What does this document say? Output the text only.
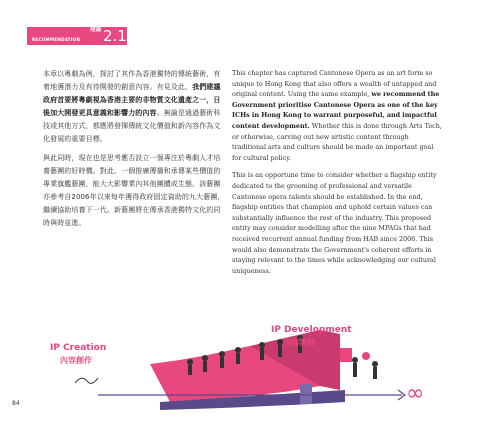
建議
RECOMMENDATION 2.1

本章以粵劇為例，探討了其作為香港獨特的傳統藝術，有着地獲潛力及有待開發的創意內容。有見及此，我們建議政府首要將粵劇視為香港主要的非物質文化遺產之一，日後加大開發更具意義和影響力的內容。無論是通過藝術科技或其他方式，都應將發揮傳統文化價值和新內容作為文化發展的重要目標。

與此同時，現在也是思考應否設立一個專注於粵劇人才培養藝團的好時機。對此，一個推廣傳播和承傳某些價值的專業旗艦藝團，能大大影響業內其他團體或生態。該藝團亦參考自2006年以來每年獲得政府固定資助的九大藝團，繼續協助培養下一代。新藝團將在傳承香港獨特文化的同時與時並進。

This chapter has captured Cantonese Opera as an art form so unique to Hong Kong that also offers a wealth of untapped and original content. Using the same example, we recommend the Government prioritise Cantonese Opera as one of the key ICHs in Hong Kong to warrant purposeful, and impactful content development. Whether this is done through Arts Tech, or otherwise, carving out new artistic content through traditional arts and culture should be made an important goal for cultural policy.

This is an opportune time to consider whether a flagship entity dedicated to the grooming of professional and versatile Cantonese opera talents should be established. In the end, flagship entities that champion and uphold certain values can substantially influence the rest of the industry. This proposed entity may consider modelling after the nine MPAGs that had received recurrent annual funding from HAB since 2006. This would also demonstrate the Government's coherent efforts in staying relevant to the times while acknowledging our cultural uniqueness.

IP Creation
內容創作
IP Development
內容開發
∞
84
